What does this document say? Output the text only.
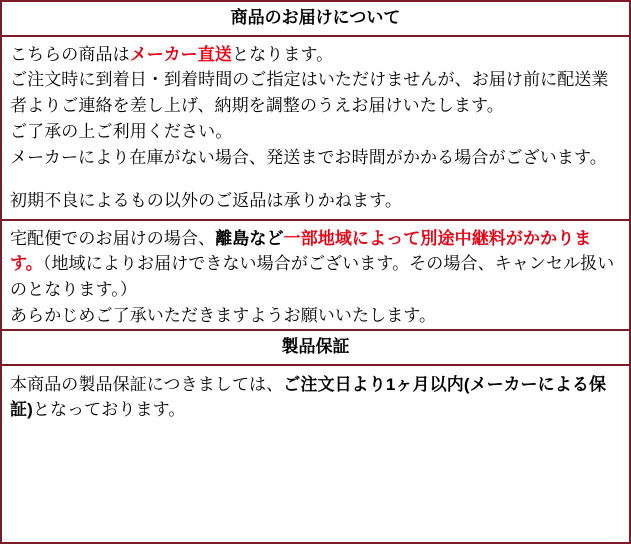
商品のお届けについて

こちらの商品はメーカー直送となります。

ご注文時に到着日・到着時間のご指定はいただけませんが、お届け前に配送業者よりご連絡を差し上げ、納期を調整のうえお届けいたします。

ご了承の上ご利用ください。

メーカーにより在庫がない場合、発送までお時間がかかる場合がございます。

初期不良によるもの以外のご返品は承りかねます。

宅配便でのお届けの場合、離島など一部地域によって別途中継料がかかります。（地域によりお届けできない場合がございます。その場合、キャンセル扱いのとなります。）

あらかじめご了承いただきますようお願いいたします。

製品保証

本商品の製品保証につきましては、ご注文日より1ヶ月以内(メーカーによる保証)となっております。
